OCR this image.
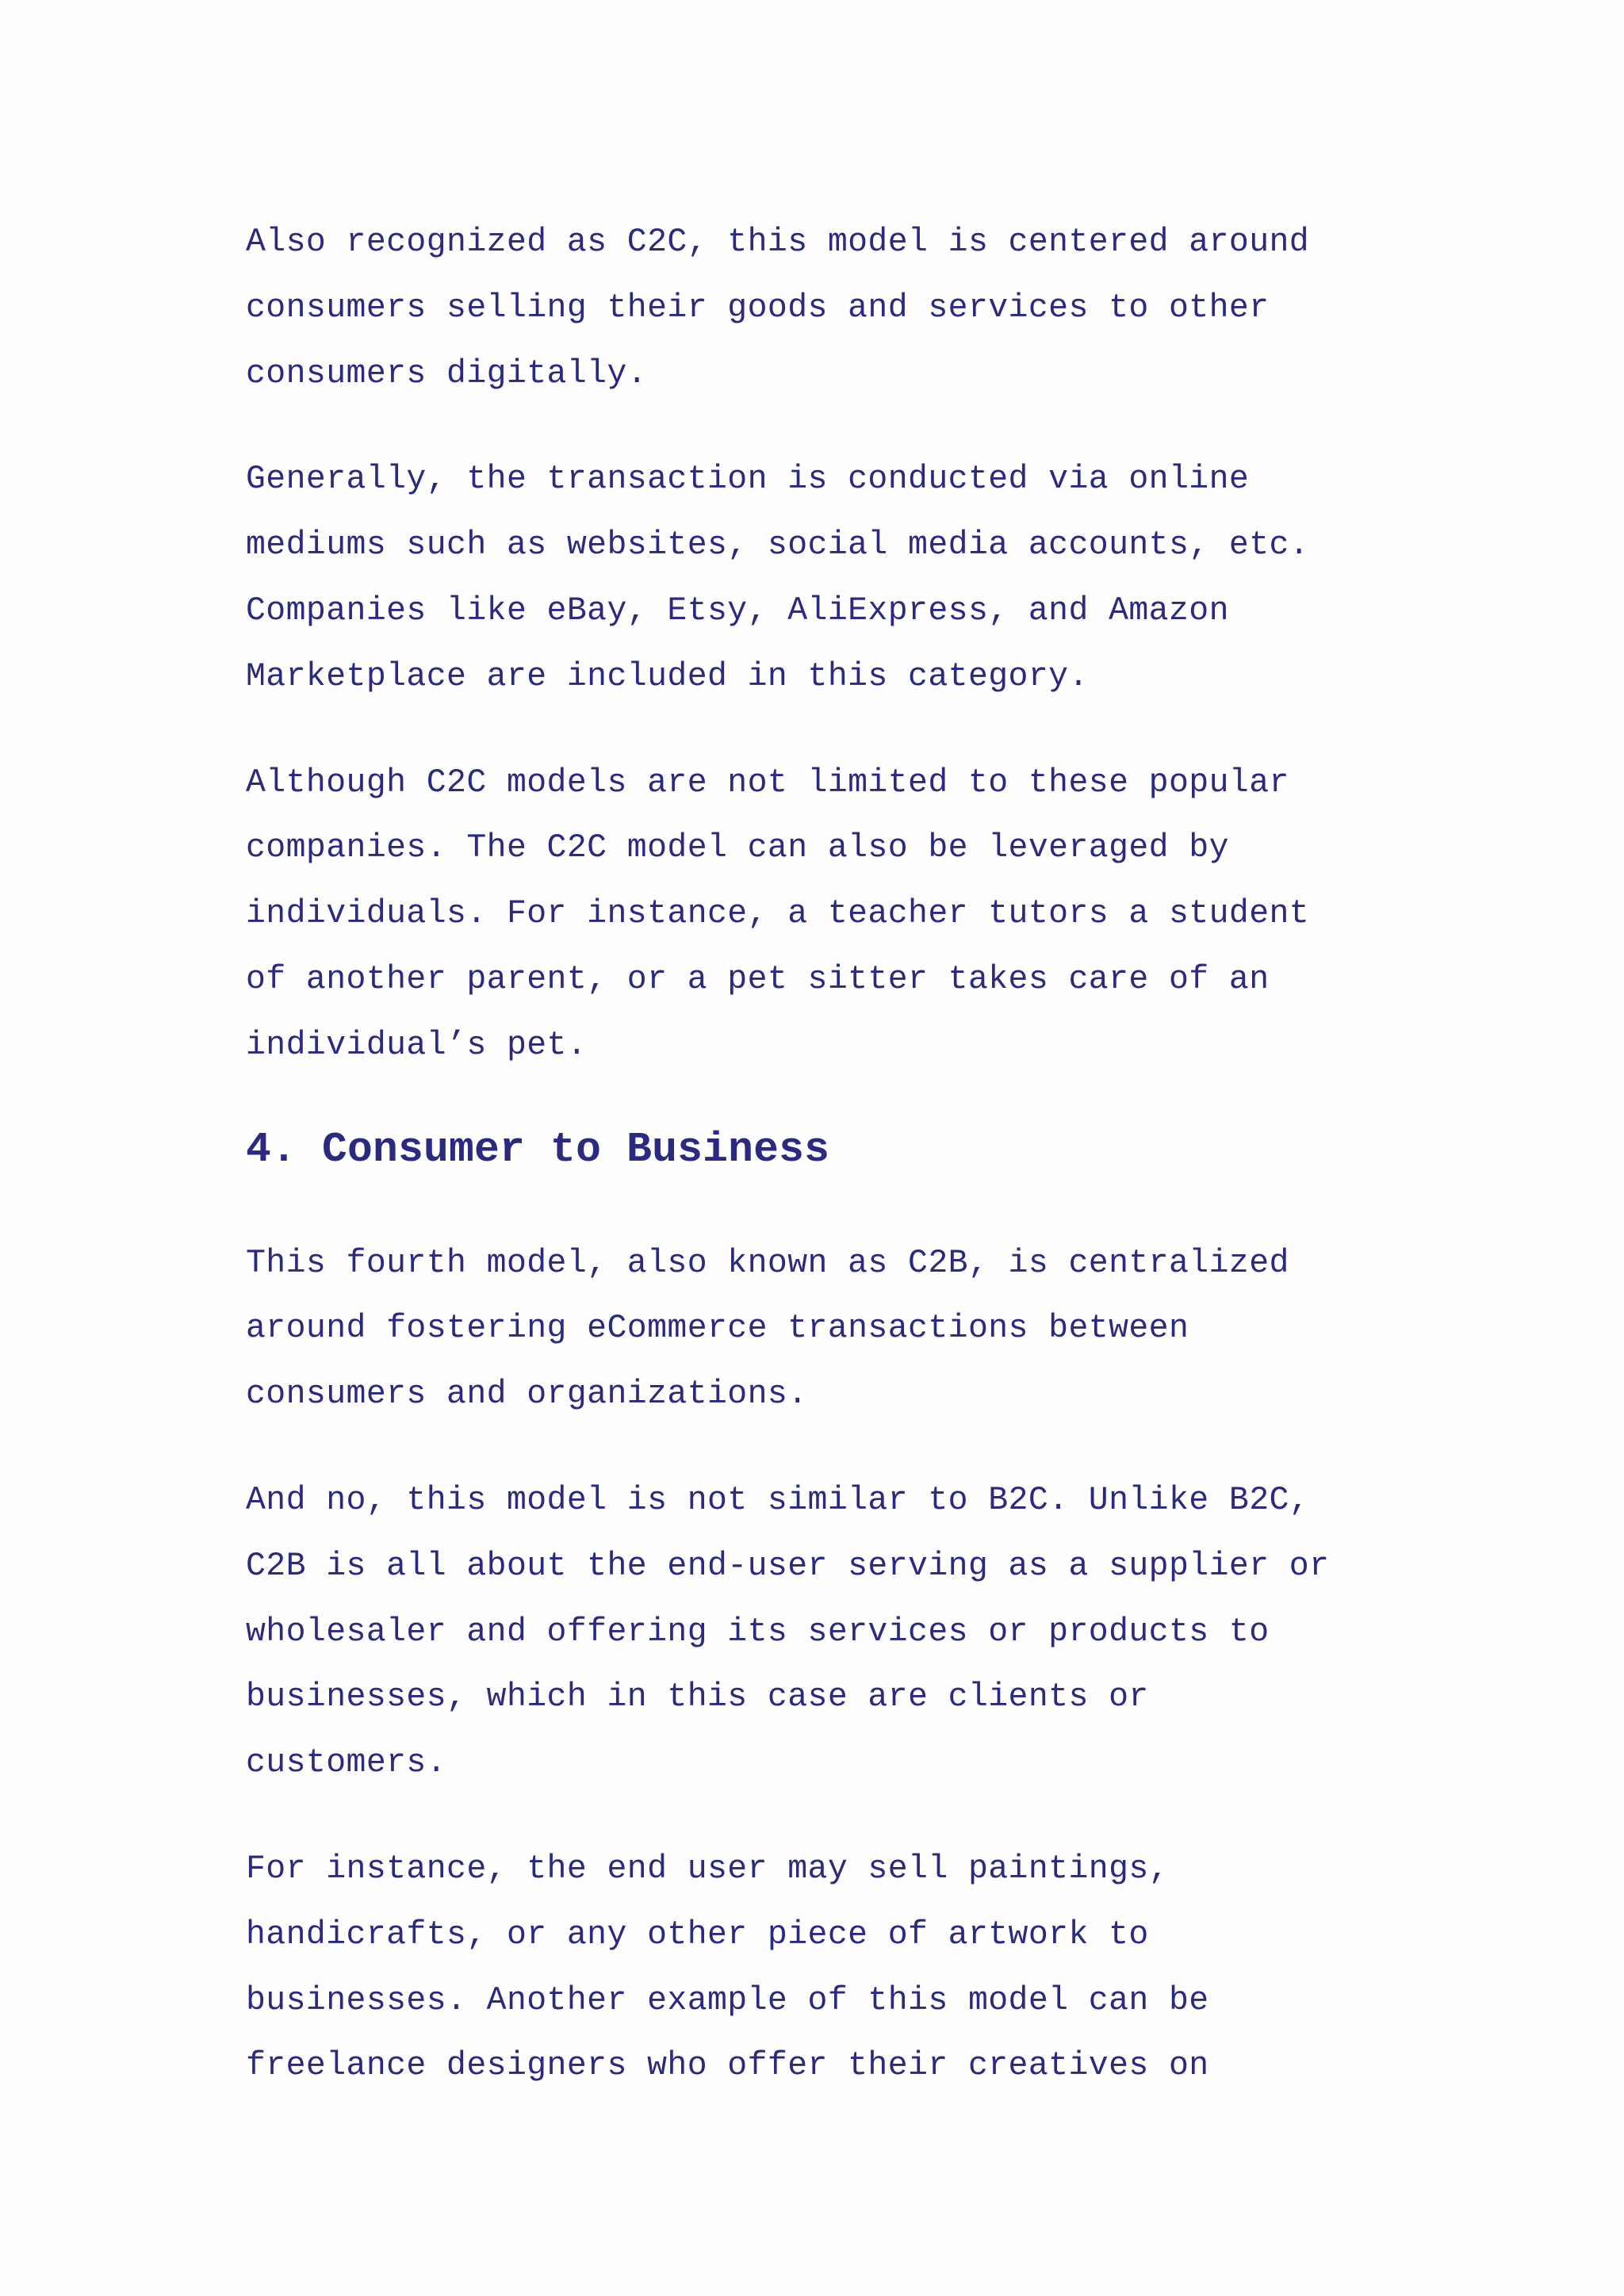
Also recognized as C2C, this model is centered around
consumers selling their goods and services to other
consumers digitally.

Generally, the transaction is conducted via online
mediums such as websites, social media accounts, etc.
Companies like eBay, Etsy, AliExpress, and Amazon
Marketplace are included in this category.

Although C2C models are not limited to these popular
companies. The C2C model can also be leveraged by
individuals. For instance, a teacher tutors a student
of another parent, or a pet sitter takes care of an
individual’s pet.

4. Consumer to Business

This fourth model, also known as C2B, is centralized
around fostering eCommerce transactions between
consumers and organizations.

And no, this model is not similar to B2C. Unlike B2C,
C2B is all about the end-user serving as a supplier or
wholesaler and offering its services or products to
businesses, which in this case are clients or
customers.

For instance, the end user may sell paintings,
handicrafts, or any other piece of artwork to
businesses. Another example of this model can be
freelance designers who offer their creatives on
